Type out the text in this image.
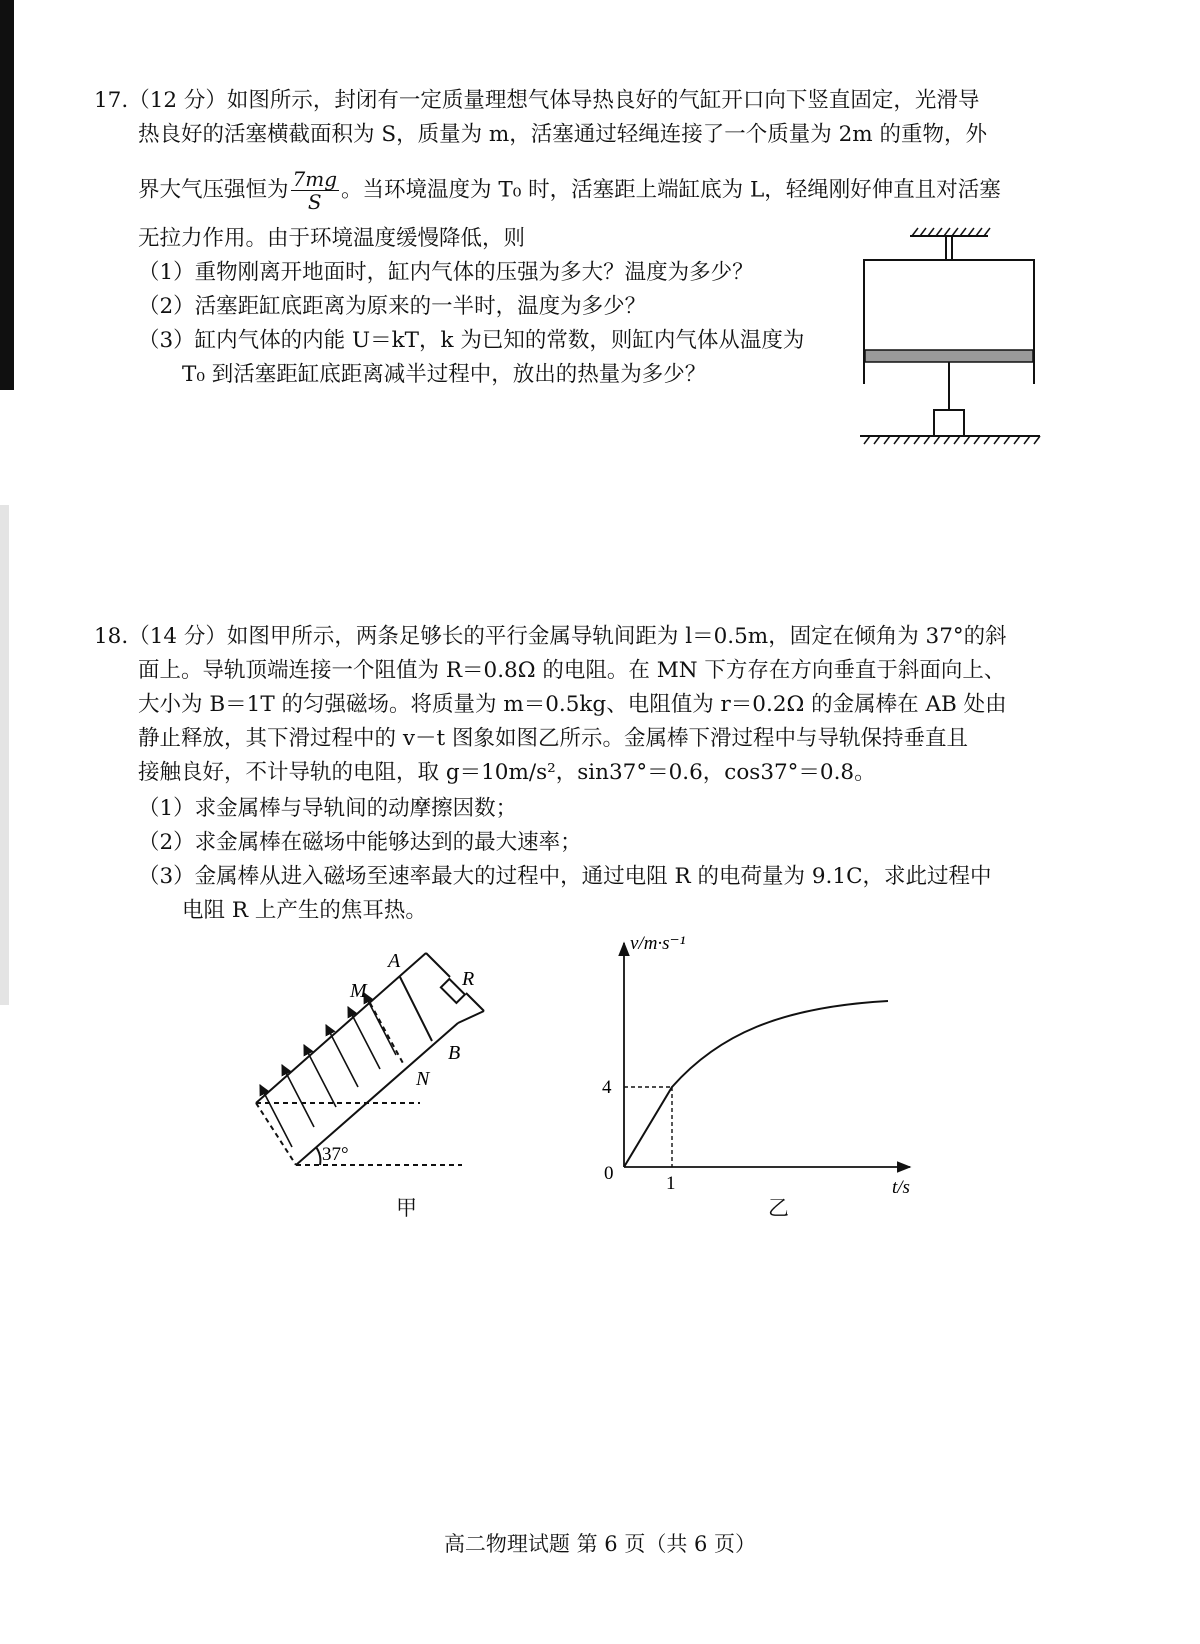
17.（12 分）如图所示，封闭有一定质量理想气体导热良好的气缸开口向下竖直固定，光滑导
热良好的活塞横截面积为 S，质量为 m，活塞通过轻绳连接了一个质量为 2m 的重物，外
界大气压强恒为 $\frac{7mg}{S}$ 。当环境温度为 T₀ 时，活塞距上端缸底为 L，轻绳刚好伸直且对活塞
无拉力作用。由于环境温度缓慢降低，则
（1）重物刚离开地面时，缸内气体的压强为多大？温度为多少？
（2）活塞距缸底距离为原来的一半时，温度为多少？
（3）缸内气体的内能 U＝kT，k 为已知的常数，则缸内气体从温度为
T₀ 到活塞距缸底距离减半过程中，放出的热量为多少？
18.（14 分）如图甲所示，两条足够长的平行金属导轨间距为 l＝0.5m，固定在倾角为 37°的斜
面上。导轨顶端连接一个阻值为 R＝0.8Ω 的电阻。在 MN 下方存在方向垂直于斜面向上、
大小为 B＝1T 的匀强磁场。将质量为 m＝0.5kg、电阻值为 r＝0.2Ω 的金属棒在 AB 处由
静止释放，其下滑过程中的 v－t 图象如图乙所示。金属棒下滑过程中与导轨保持垂直且
接触良好，不计导轨的电阻，取 g＝10m/s²，sin37°＝0.6，cos37°＝0.8。
（1）求金属棒与导轨间的动摩擦因数；
（2）求金属棒在磁场中能够达到的最大速率；
（3）金属棒从进入磁场至速率最大的过程中，通过电阻 R 的电荷量为 9.1C，求此过程中
电阻 R 上产生的焦耳热。
A
M
R
B
N
37°
甲
v/m·s⁻¹
t/s
4
1
0
乙
高二物理试题 第 6 页（共 6 页）
